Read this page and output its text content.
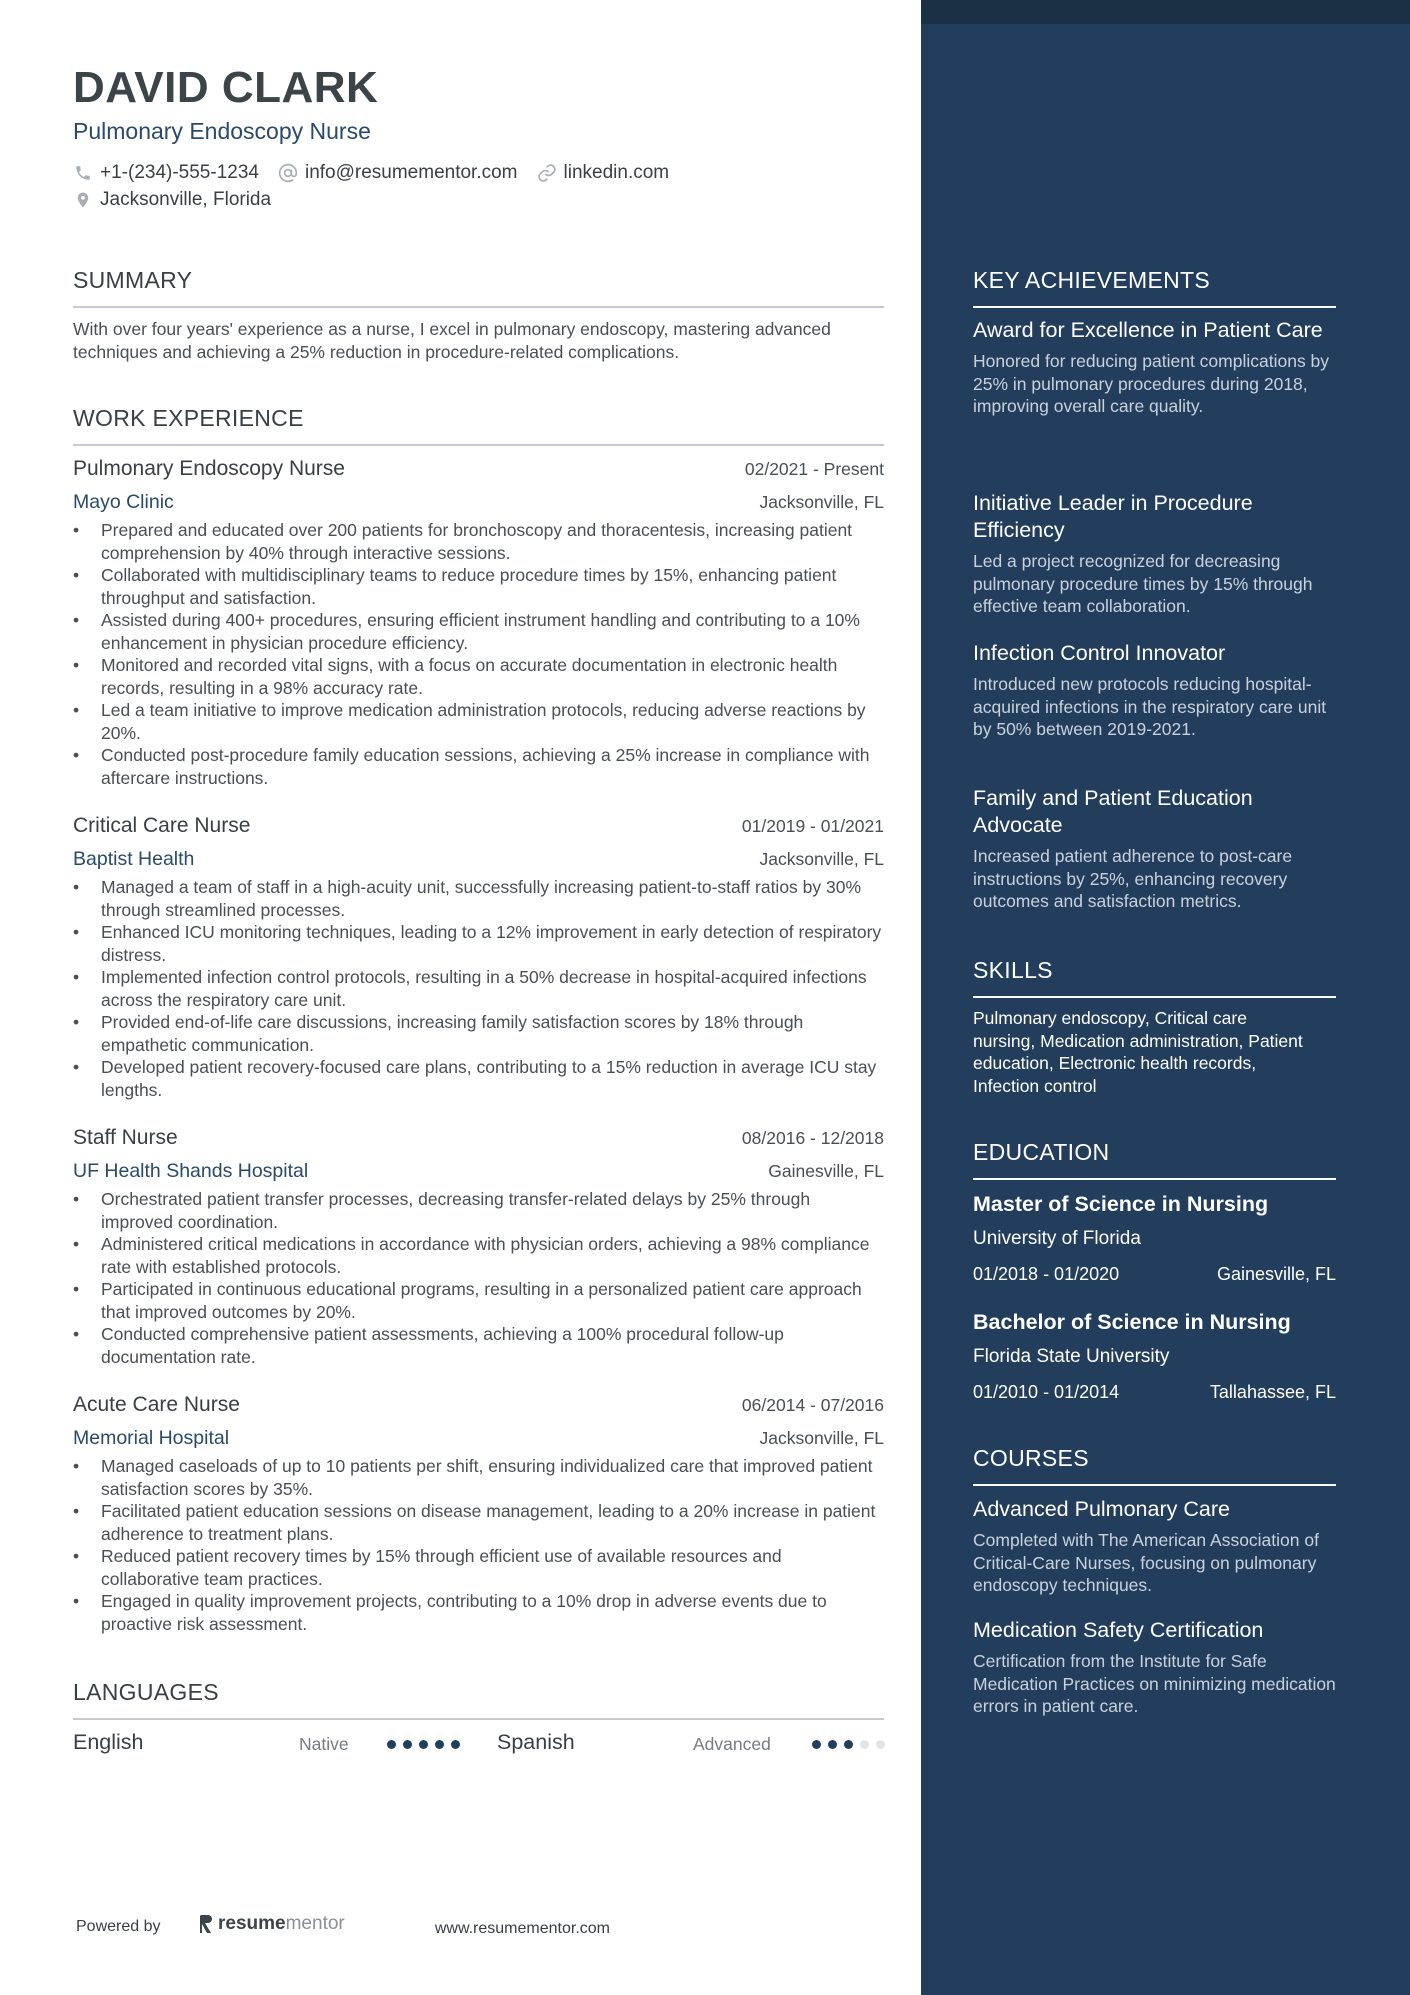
DAVID CLARK
Pulmonary Endoscopy Nurse
+1-(234)-555-1234 info@resumementor.com linkedin.com
Jacksonville, Florida
SUMMARY
With over four years' experience as a nurse, I excel in pulmonary endoscopy, mastering advanced techniques and achieving a 25% reduction in procedure-related complications.
WORK EXPERIENCE
Pulmonary Endoscopy Nurse	02/2021 - Present
Mayo Clinic	Jacksonville, FL
• Prepared and educated over 200 patients for bronchoscopy and thoracentesis, increasing patient comprehension by 40% through interactive sessions.
• Collaborated with multidisciplinary teams to reduce procedure times by 15%, enhancing patient throughput and satisfaction.
• Assisted during 400+ procedures, ensuring efficient instrument handling and contributing to a 10% enhancement in physician procedure efficiency.
• Monitored and recorded vital signs, with a focus on accurate documentation in electronic health records, resulting in a 98% accuracy rate.
• Led a team initiative to improve medication administration protocols, reducing adverse reactions by 20%.
• Conducted post-procedure family education sessions, achieving a 25% increase in compliance with aftercare instructions.
Critical Care Nurse	01/2019 - 01/2021
Baptist Health	Jacksonville, FL
• Managed a team of staff in a high-acuity unit, successfully increasing patient-to-staff ratios by 30% through streamlined processes.
• Enhanced ICU monitoring techniques, leading to a 12% improvement in early detection of respiratory distress.
• Implemented infection control protocols, resulting in a 50% decrease in hospital-acquired infections across the respiratory care unit.
• Provided end-of-life care discussions, increasing family satisfaction scores by 18% through empathetic communication.
• Developed patient recovery-focused care plans, contributing to a 15% reduction in average ICU stay lengths.
Staff Nurse	08/2016 - 12/2018
UF Health Shands Hospital	Gainesville, FL
• Orchestrated patient transfer processes, decreasing transfer-related delays by 25% through improved coordination.
• Administered critical medications in accordance with physician orders, achieving a 98% compliance rate with established protocols.
• Participated in continuous educational programs, resulting in a personalized patient care approach that improved outcomes by 20%.
• Conducted comprehensive patient assessments, achieving a 100% procedural follow-up documentation rate.
Acute Care Nurse	06/2014 - 07/2016
Memorial Hospital	Jacksonville, FL
• Managed caseloads of up to 10 patients per shift, ensuring individualized care that improved patient satisfaction scores by 35%.
• Facilitated patient education sessions on disease management, leading to a 20% increase in patient adherence to treatment plans.
• Reduced patient recovery times by 15% through efficient use of available resources and collaborative team practices.
• Engaged in quality improvement projects, contributing to a 10% drop in adverse events due to proactive risk assessment.
LANGUAGES
English	Native	Spanish	Advanced
Powered by	resume mentor	www.resumementor.com
KEY ACHIEVEMENTS
Award for Excellence in Patient Care
Honored for reducing patient complications by 25% in pulmonary procedures during 2018, improving overall care quality.
Initiative Leader in Procedure Efficiency
Led a project recognized for decreasing pulmonary procedure times by 15% through effective team collaboration.
Infection Control Innovator
Introduced new protocols reducing hospital-acquired infections in the respiratory care unit by 50% between 2019-2021.
Family and Patient Education Advocate
Increased patient adherence to post-care instructions by 25%, enhancing recovery outcomes and satisfaction metrics.
SKILLS
Pulmonary endoscopy, Critical care nursing, Medication administration, Patient education, Electronic health records, Infection control
EDUCATION
Master of Science in Nursing
University of Florida
01/2018 - 01/2020	Gainesville, FL
Bachelor of Science in Nursing
Florida State University
01/2010 - 01/2014	Tallahassee, FL
COURSES
Advanced Pulmonary Care
Completed with The American Association of Critical-Care Nurses, focusing on pulmonary endoscopy techniques.
Medication Safety Certification
Certification from the Institute for Safe Medication Practices on minimizing medication errors in patient care.
